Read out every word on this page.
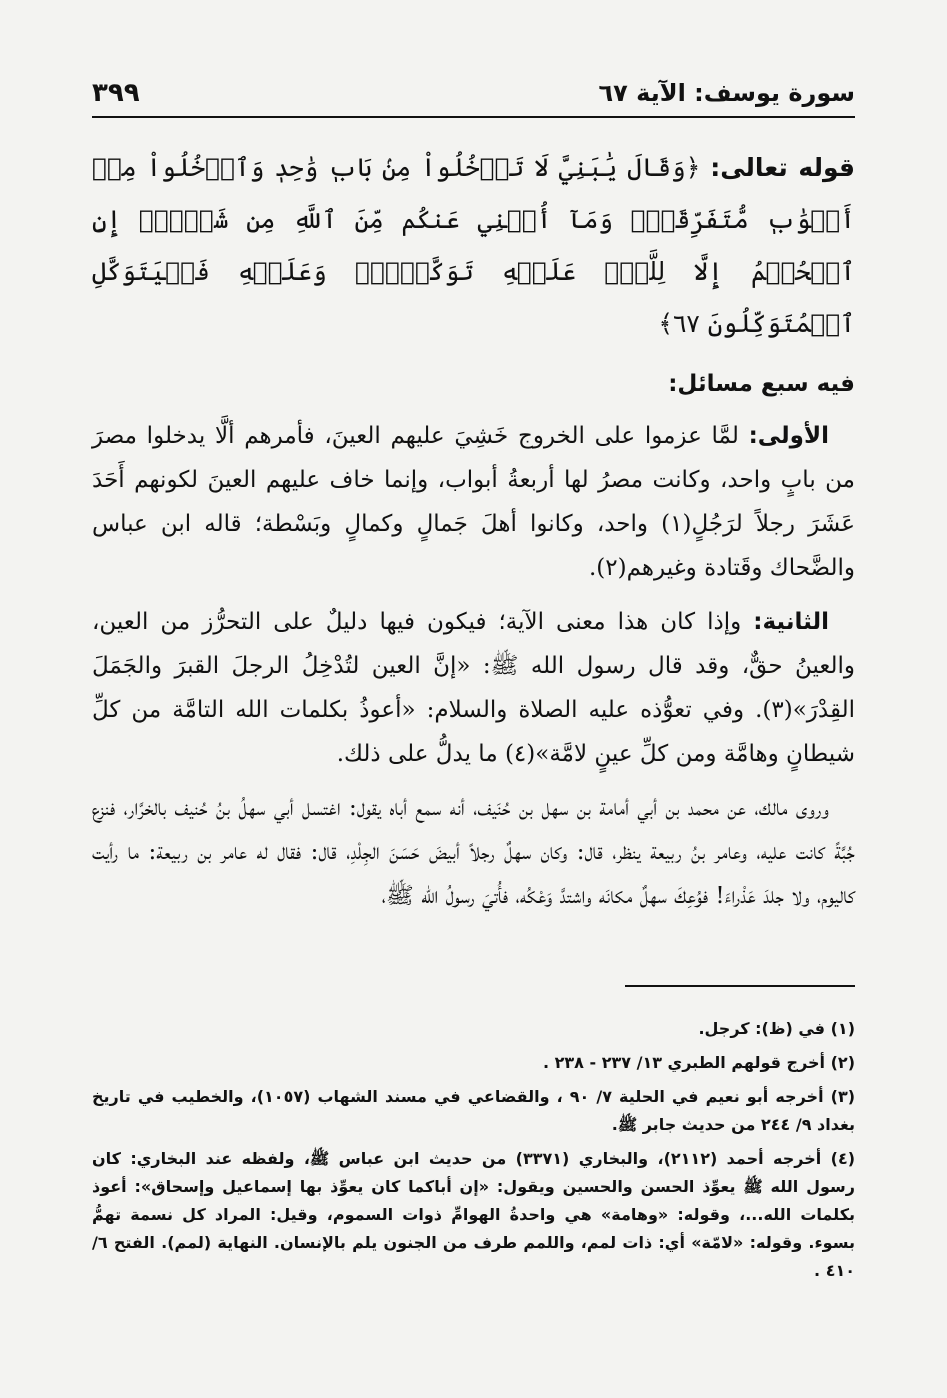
سورة يوسف: الآية ٦٧
٣٩٩

قوله تعالى: ﴿وَقَالَ يَٰبَنِيَّ لَا تَدۡخُلُواْ مِنۢ بَابٖ وَٰحِدٖ وَٱدۡخُلُواْ مِنۡ أَبۡوَٰبٖ مُّتَفَرِّقَةٖۖ وَمَآ أُغۡنِي عَنكُم مِّنَ ٱللَّهِ مِن شَيۡءٍۖ إِنِ ٱلۡحُكۡمُ إِلَّا لِلَّهِۖ عَلَيۡهِ تَوَكَّلۡتُۖ وَعَلَيۡهِ فَلۡيَتَوَكَّلِ ٱلۡمُتَوَكِّلُونَ ٦٧﴾

فيه سبع مسائل:

الأولى: لمَّا عزموا على الخروج خَشِيَ عليهم العينَ، فأمرهم ألَّا يدخلوا مصرَ من بابٍ واحد، وكانت مصرُ لها أربعةُ أبواب، وإنما خاف عليهم العينَ لكونهم أَحَدَ عَشَرَ رجلاً لرَجُلٍ(١) واحد، وكانوا أهلَ جَمالٍ وكمالٍ وبَسْطة؛ قاله ابن عباس والضَّحاك وقَتادة وغيرهم(٢).

الثانية: وإذا كان هذا معنى الآية؛ فيكون فيها دليلٌ على التحرُّز من العين، والعينُ حقٌّ، وقد قال رسول الله ﷺ: «إنَّ العين لتُدْخِلُ الرجلَ القبرَ والجَمَلَ القِدْرَ»(٣). وفي تعوُّذه عليه الصلاة والسلام: «أعوذُ بكلمات الله التامَّة من كلِّ شيطانٍ وهامَّة ومن كلِّ عينٍ لامَّة»(٤) ما يدلُّ على ذلك.

وروى مالك، عن محمد بن أبي أمامة بن سهل بن حُنَيف، أنه سمع أباه يقول: اغتسل أبي سهلُ بنُ حُنيف بالخرَّار، فنزع جُبَّةً كانت عليه، وعامر بنُ ربيعة ينظر، قال: وكان سهلٌ رجلاً أبيضَ حَسَنَ الجِلْدِ، قال: فقال له عامر بن ربيعة: ما رأيت كاليوم، ولا جلدَ عَذْراءَ! فوُعِكَ سهلٌ مكانَه واشتدَّ وَعْكُه، فأُتيَ رسولُ الله ﷺ،

(١) في (ظ): كرجل.

(٢) أخرج قولهم الطبري ١٣/ ٢٣٧ - ٢٣٨ .

(٣) أخرجه أبو نعيم في الحلية ٧/ ٩٠ ، والقضاعي في مسند الشهاب (١٠٥٧)، والخطيب في تاريخ بغداد ٩/ ٢٤٤ من حديث جابر ﷺ.

(٤) أخرجه أحمد (٢١١٢)، والبخاري (٣٣٧١) من حديث ابن عباس ﷺ، ولفظه عند البخاري: كان رسول الله ﷺ يعوِّذ الحسن والحسين ويقول: «إن أباكما كان يعوِّذ بها إسماعيل وإسحاق»: أعوذ بكلمات الله...، وقوله: «وهامة» هي واحدةُ الهوامِّ ذوات السموم، وقيل: المراد كل نسمة تهمُّ بسوء. وقوله: «لامّة» أي: ذات لمم، واللمم طرف من الجنون يلم بالإنسان. النهاية (لمم). الفتح ٦/ ٤١٠ .
